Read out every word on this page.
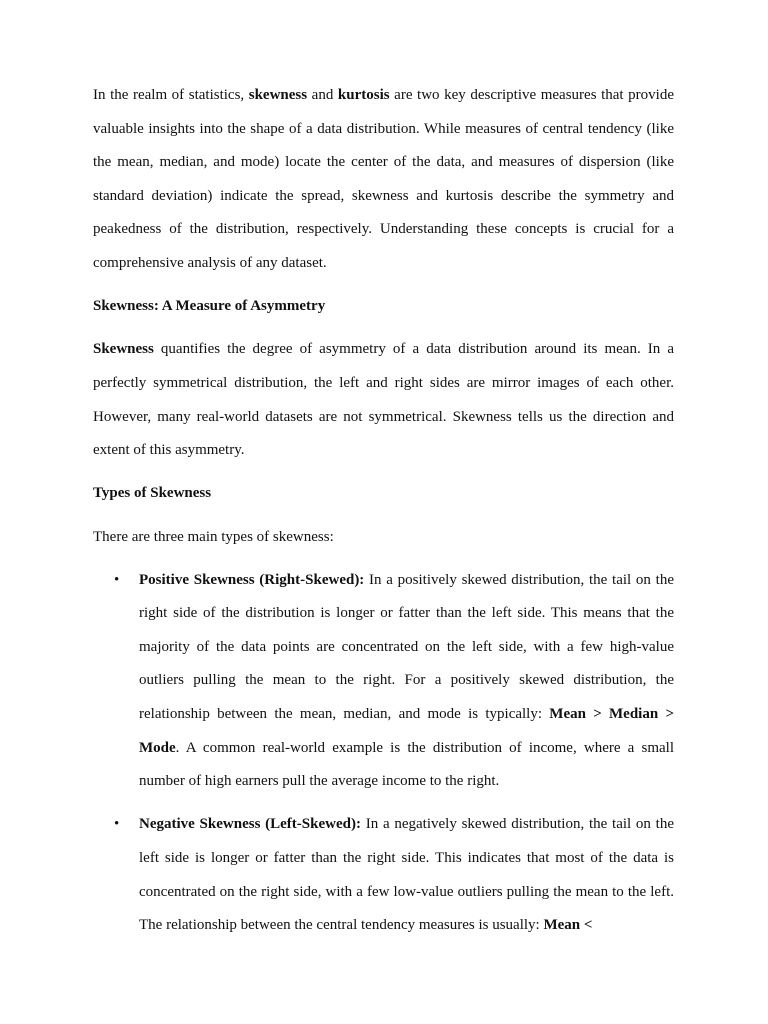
In the realm of statistics, skewness and kurtosis are two key descriptive measures that provide valuable insights into the shape of a data distribution. While measures of central tendency (like the mean, median, and mode) locate the center of the data, and measures of dispersion (like standard deviation) indicate the spread, skewness and kurtosis describe the symmetry and peakedness of the distribution, respectively. Understanding these concepts is crucial for a comprehensive analysis of any dataset.

Skewness: A Measure of Asymmetry

Skewness quantifies the degree of asymmetry of a data distribution around its mean. In a perfectly symmetrical distribution, the left and right sides are mirror images of each other. However, many real-world datasets are not symmetrical. Skewness tells us the direction and extent of this asymmetry.

Types of Skewness

There are three main types of skewness:

• Positive Skewness (Right-Skewed): In a positively skewed distribution, the tail on the right side of the distribution is longer or fatter than the left side. This means that the majority of the data points are concentrated on the left side, with a few high-value outliers pulling the mean to the right. For a positively skewed distribution, the relationship between the mean, median, and mode is typically: Mean > Median > Mode. A common real-world example is the distribution of income, where a small number of high earners pull the average income to the right.
• Negative Skewness (Left-Skewed): In a negatively skewed distribution, the tail on the left side is longer or fatter than the right side. This indicates that most of the data is concentrated on the right side, with a few low-value outliers pulling the mean to the left. The relationship between the central tendency measures is usually: Mean <
